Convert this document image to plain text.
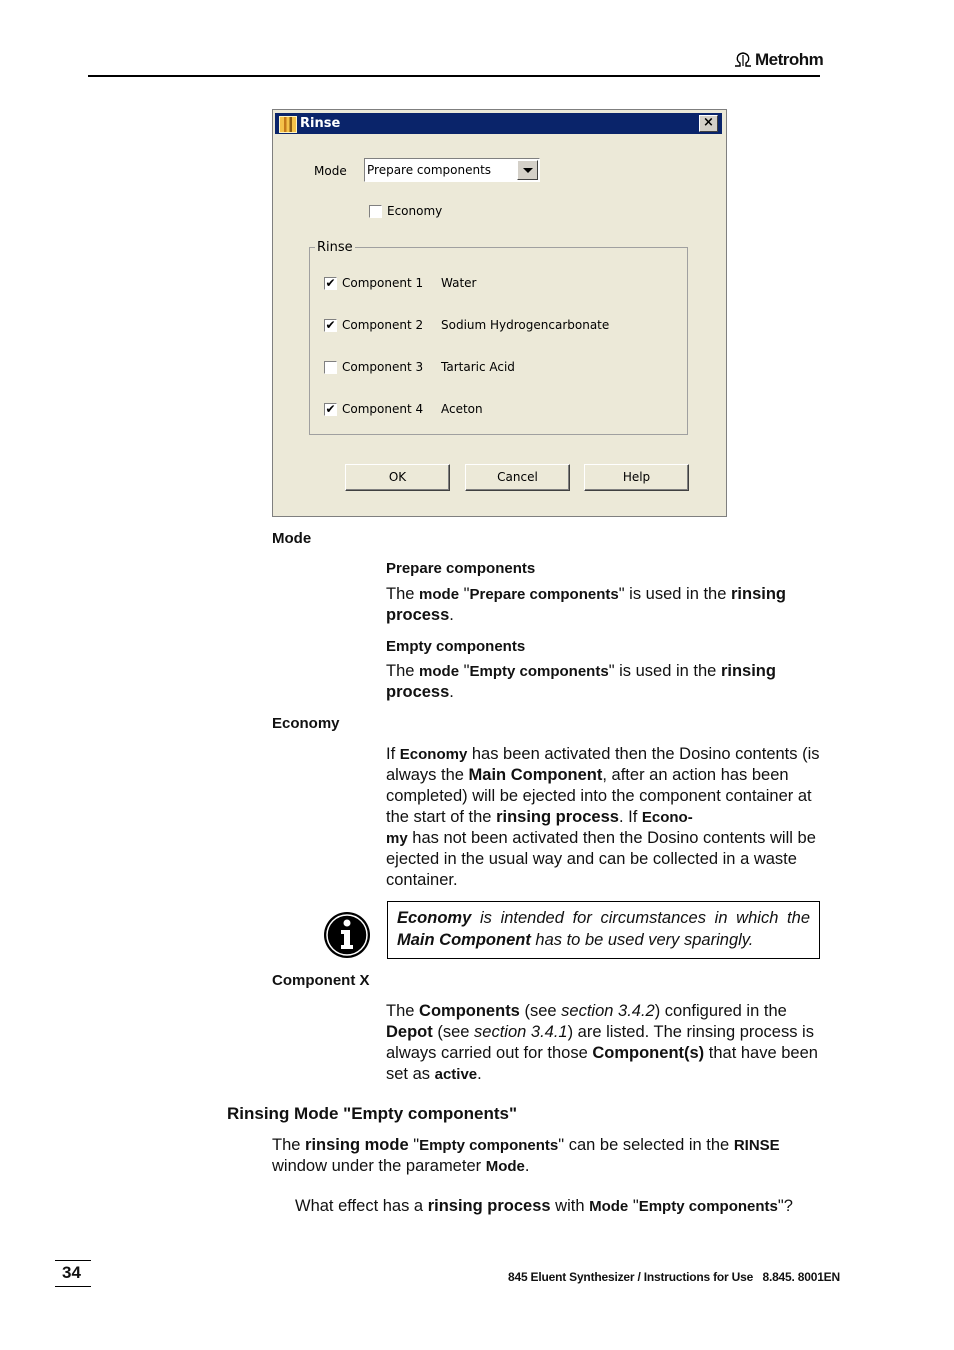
Metrohm
Rinse	×
Mode Prepare components
Economy
Rinse
✔ Component 1 Water
✔ Component 2 Sodium Hydrogencarbonate
Component 3 Tartaric Acid
✔ Component 4 Aceton
OK	Cancel	Help
Mode
Prepare components
The mode "Prepare components" is used in the rinsing process.
Empty components
The mode "Empty components" is used in the rinsing process.
Economy
If Economy has been activated then the Dosino contents (is always the Main Component, after an action has been completed) will be ejected into the component container at the start of the rinsing process. If Econo-
my has not been activated then the Dosino contents will be ejected in the usual way and can be collected in a waste container.
Economy is intended for circumstances in which the Main Component has to be used very sparingly.
Component X
The Components (see section 3.4.2) configured in the Depot (see section 3.4.1) are listed. The rinsing process is always carried out for those Component(s) that have been set as active.
Rinsing Mode "Empty components"
The rinsing mode "Empty components" can be selected in the RINSE
window under the parameter Mode.
What effect has a rinsing process with Mode "Empty components"?
34	845 Eluent Synthesizer / Instructions for Use   8.845. 8001EN
